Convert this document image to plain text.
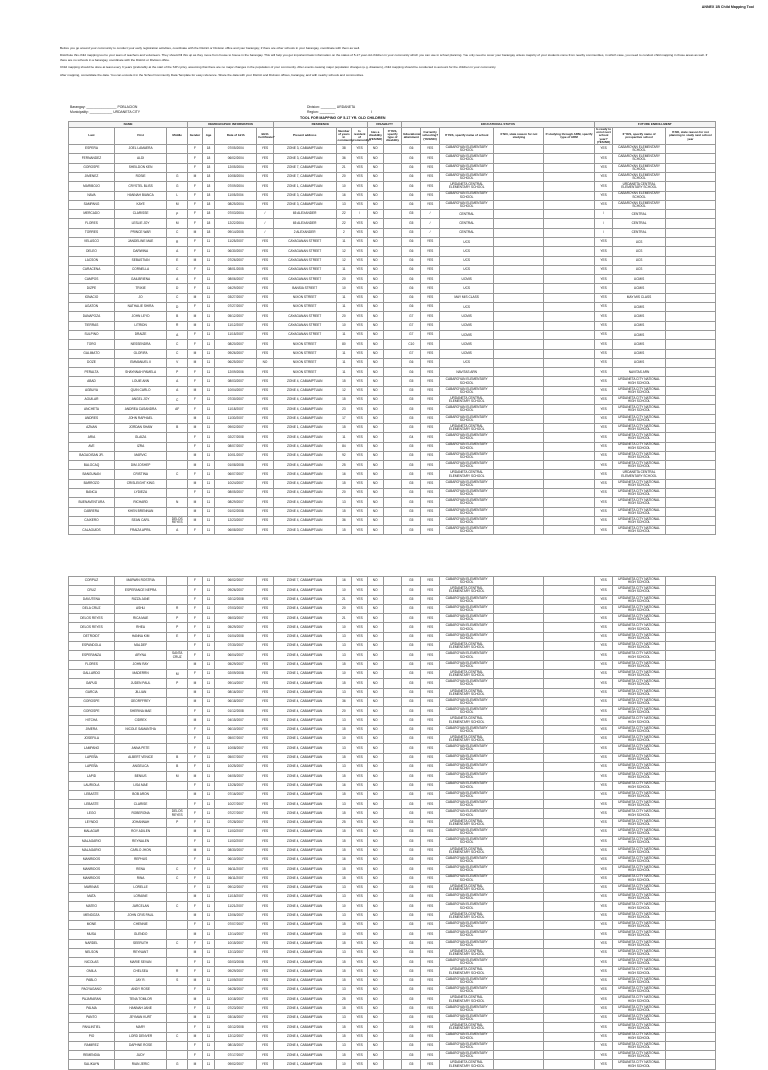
ANNEX 1B Child Mapping Tool

Before you go around your community to conduct your early registration activities, coordinate with the District or Division office and your barangay; if there are other schools in your barangay, coordinate with them as well.

Distribute this child mapping tool to your team of teachers and volunteers. They should fill this up as they move from house to house in the barangay. This will help you get important basic information on the status of 5-17 year old children in your community which you can use in school planning. You only need to cover your barangay unless majority of your students come from nearby communities, in which case, you need to conduct child mapping in those areas as well. If there are no schools in a barangay, coordinate with the District or Division office.

Child mapping should be done at least every 3 years (preferably at the start of the SIP cycle), assuming that there are no major changes in the population of your community. After events causing major population changes (e.g. disasters), child mapping should be conducted to account for the children in your community.

After mapping, consolidate the data. You can encode it in the School Community Data Template for easy reference. Share the data with your District and Division offices, barangay, and with nearby schools and communities.

Barangay: ________________ POBLACION
Municipality: ____________ URDANETA CITY
Division: ________ URDANETA
Region: ________	I
TOOL FOR MAPPING OF 5-17 YR. OLD CHILDREN
NAME			DEMOGRAPHIC INFORMATION				RESIDENCE			DISABILITY		EDUCATIONAL STATUS					FUTURE ENROLLMENT		
Last	First	Middle	Gender	Age	Date of birth	Birth Certificate?	Present address	Number of years in community	Is resident of community?	Has a disability (YES/NO)	If YES, specify type of disability	Educational attainment	Currently schooling? (YES/NO)	If YES, specify name of school	If NO, state reason for not studying	If studying through ADM, specify type of ADM	Is ready to enrol next school year? (YES/NO)	If YES, specify name of prospective school	If NO, state reason for not planning to study next school year
ESPERA	JOEL LAMAERA		F	18	07/05/2004	YES	ZONE 3, CABAMPTUAN	38	YES	NO		G6	YES	CABAROYAN ELEMENTARY SCHOOL			YES	CABAROYAN ELEMENTARY SCHOOL	
FERNANDEZ	ALDI		F	18	06/02/2004	YES	ZONE 3, CABAMPTUAN	36	YES	NO		G6	YES	CABAROYAN ELEMENTARY SCHOOL			YES	CABAROYAN ELEMENTARY SCHOOL	
GOROSPE	SHEILDON KEN		F	18	12/05/2004	YES	ZONE 7, CABAMPTUAN	21	YES	NO		G6	YES	CABAROYAN ELEMENTARY SCHOOL			YES	CABAROYAN ELEMENTARY SCHOOL	
JIMENEZ	ROSIE	G	M	18	10/08/2004	YES	ZONE 7, CABAMPTUAN	20	YES	NO		G6	YES	CABAROYAN ELEMENTARY SCHOOL			YES	CABAROYAN ELEMENTARY SCHOOL	
MARIBOJO	CRYSTEL BLISS	G	F	18	07/09/2004	YES	ZONE 1, CABAMPTUAN	10	YES	NO		G6	YES	URDANETA CENTRAL ELEMENTARY SCHOOL			YES	URDANETA CENTRAL ELEMENTARY SCHOOL	
NAVA	HANNAH BIANCA	L	F	18	11/05/2004	YES	ZONE 3, CABAMPTUAN	16	YES	NO		G6	YES	CABAROYAN ELEMENTARY SCHOOL			YES	CABAROYAN ELEMENTARY SCHOOL	
SAMPANG	KAYE	M	F	18	08/25/2004	YES	ZONE 3, CABAMPTUAN	13	YES	NO		G6	YES	CABAROYAN ELEMENTARY SCHOOL			YES	CABAROYAN ELEMENTARY SCHOOL	
MERCADO	CLARISSE	P	F	18	07/03/2004	/	65 ALEXANDER	22	/	NO		G5	/	CENTRAL			/	CENTRAL	
FLORES	LESLIE JOY	M	F	18	12/22/2004	/	65 ALEXANDER	22	YES	NO		G5	/	CENTRAL			/	CENTRAL	
TORRES	PRINCE WAR	C	M	18	09/14/2005	/	2 ALEXANDER	2	YES	NO		G5	/	CENTRAL			/	CENTRAL	
VELASCO	JANDELINE MAE	R	F	11	11/25/2007	YES	CAYAGANAN STREET	11	YES	NO		G6	YES	UCS			YES	UCS	
DELEO	DARWINA	A	F	11	06/30/2007	YES	CAYAGANAN STREET	12	YES	NO		G6	YES	UCS			YES	UCS	
LACSON	SEBASTIAN	E	M	11	07/26/2007	YES	CAYAGANAN STREET	12	YES	NO		G6	YES	UCS			YES	UCS	
CARACENA	CORNELLA	C	F	11	08/01/2005	YES	CAYAGANAN STREET	11	YES	NO		G6	YES	UCS			YES	UCS	
CAMPOS	GAILBRIENA	A	F	11	08/06/2007	YES	CAYAGANAN STREET	20	YES	NO		G6	YES	UCMIS			YES	UCMIS	
DIZPE	TRIXIE	D	F	11	04/29/2007	YES	BANSIA STREET	10	YES	NO		G6	YES	UCS			YES	UCMIS	
IGNACIO	JO	C	M	11	03/27/2007	YES	NIXON STREET	11	YES	NO		G6	YES	MAY MIS CLASS			YES	MAY MIS CLASS	
AGATON	NATHALIE SHIRA	D	F	11	07/27/2007	YES	NIXON STREET	11	YES	NO		G6	YES	UCS			YES	UCMIS	
DANAPOZA	JOHN LEYD	B	M	11	05/12/2007	YES	CAYAGANAN STREET	20	YES	NO		G7	YES	UCMIS			YES	UCMIS	
TIERRAS	LITRIDN	R	M	11	11/12/2007	YES	CAYAGANAN STREET	10	YES	NO		G7	YES	UCMIS			YES	UCMIS	
SULPINO	DRAIZE	A	F	11	11/15/2007	YES	CAYAGANAN STREET	11	YES	NO		G7	YES	UCMIS			YES	UCMIS	
TORO	NESSENDRA	C	F	11	08/20/2007	YES	NIXON STREET	80	YES	NO		C10	YES	UCMIS			YES	UCMIS	
GALIMATO	GLORIFA	C	M	11	09/26/2007	YES	NIXON STREET	11	YES	NO		G7	YES	UCMIS			YES	UCMIS	
DOZE	EMMANUEL II	V	M	11	06/25/2007	NO	NIXON STREET	11	YES	NO		G6	YES	UCS			YES	UCMIS	
PERALTA	SHAYNNAH PAMELA	P	F	11	12/09/2006	YES	NIXON STREET	11	YES	NO		G6	YES	NAVITAS ARN			YES	NAVITAS ARN	
ABAD	LOUIE ANN	A	F	11	08/03/2007	YES	ZONE 4, CABAMPTUAN	15	YES	NO		G5	YES	CABAROYAN ELEMENTARY SCHOOL			YES	URDANETA CITY NATIONAL HIGH SCHOOL	
AGBUYA	QUIN CARLO	A	M	11	10/04/2007	YES	ZONE 4, CABAMPTUAN	12	YES	NO		G5	YES	CABAROYAN ELEMENTARY SCHOOL			YES	URDANETA CITY NATIONAL HIGH SCHOOL	
AGUILAR	ANGEL JOY	C	F	11	07/30/2007	YES	ZONE 4, CABAMPTUAN	15	YES	NO		G5	YES	URDANETA CENTRAL ELEMENTARY SCHOOL			YES	URDANETA CITY NATIONAL HIGH SCHOOL	
ANCHETA	ANDREA CASANDRA	AF	F	11	11/18/2007	YES	ZONE 4, CABAMPTUAN	23	YES	NO		G5	YES	CABAROYAN ELEMENTARY SCHOOL			YES	URDANETA CITY NATIONAL HIGH SCHOOL	
ANDRES	JOHN RAPHAEL		M	11	11/30/2007	YES	ZONE 4, CABAMPTUAN	17	YES	NO		G5	YES	CABAROYAN ELEMENTARY SCHOOL			YES	URDANETA CITY NATIONAL HIGH SCHOOL	
AZNAN	JORDAN SHAW	B	M	11	09/02/2007	YES	ZONE 1, CABAMPTUAN	15	YES	NO		G5	YES	URDANETA CENTRAL ELEMENTARY SCHOOL			YES	URDANETA CITY NATIONAL HIGH SCHOOL	
ARIA	GLAIZA		F	11	02/27/2008	YES	ZONE 4, CABAMPTUAN	11	YES	NO		G4	YES	CABAROYAN ELEMENTARY SCHOOL			YES	URDANETA CITY NATIONAL HIGH SCHOOL	
AVE	IZRA		F	11	08/07/2007	YES	ZONE 4, CABAMPTUAN	84	YES	NO		G5	YES	CABAROYAN ELEMENTARY SCHOOL			YES	URDANETA CITY NATIONAL HIGH SCHOOL	
BAGAOISAN JR.	MARVIC		M	11	10/01/2007	YES	ZONE 4, CABAMPTUAN	92	YES	NO		G5	YES	CABAROYAN ELEMENTARY SCHOOL			YES	URDANETA CITY NATIONAL HIGH SCHOOL	
BALOCAQ	DIM JOSHEP		M	11	01/08/2008	YES	ZONE 4, CABAMPTUAN	25	YES	NO		G5	YES	CABAROYAN ELEMENTARY SCHOOL			YES	URDANETA CITY NATIONAL HIGH SCHOOL	
BANGUNAN	CRISTINA	C	F	11	06/07/2007	YES	ZONE 4, CABAMPTUAN	16	YES	NO		G5	YES	URDANETA CENTRAL ELEMENTARY SCHOOL			YES	URDANETA CENTRAL ELEMENTARY SCHOOL	
BARROZO	CRISLEIGHT KING		M	11	10/24/2007	YES	ZONE 4, CABAMPTUAN	15	YES	NO		G5	YES	CABAROYAN ELEMENTARY SCHOOL			YES	URDANETA CITY NATIONAL HIGH SCHOOL	
BANCA	LYDIEZA		F	11	08/05/2007	YES	ZONE 4, CABAMPTUAN	20	YES	NO		G5	YES	CABAROYAN ELEMENTARY SCHOOL			YES	URDANETA CITY NATIONAL HIGH SCHOOL	
BUENAVENTURA	RICHARD	N	M	11	08/29/2007	YES	ZONE 4, CABAMPTUAN	13	YES	NO		G5	YES	CABAROYAN ELEMENTARY SCHOOL			YES	URDANETA CITY NATIONAL HIGH SCHOOL	
CABRERA	KHEN BRENNAN		M	11	01/02/2008	YES	ZONE 4, CABAMPTUAN	15	YES	NO		G5	YES	CABAROYAN ELEMENTARY SCHOOL			YES	URDANETA CITY NATIONAL HIGH SCHOOL	
CAIXERO	SEAN CARL	DELOS REYES	M	11	12/23/2007	YES	ZONE 4, CABAMPTUAN	36	YES	NO		G5	YES	CABAROYAN ELEMENTARY SCHOOL			YES	URDANETA CITY NATIONAL HIGH SCHOOL	
CALAGUIDS	FRAIZA APRIL	A	F	11	06/08/2007	YES	ZONE 3, CABAMPTUAN	15	YES	NO		G5	YES	CABAROYAN ELEMENTARY SCHOOL			YES	URDANETA CITY NATIONAL HIGH SCHOOL	
CORPUZ	MARWIN ROSTRIA		F	11	06/02/2007	YES	ZONE 7, CABAMPTUAN	16	YES	NO		G5	YES	CABAROYAN ELEMENTARY SCHOOL			YES	URDANETA CITY NATIONAL HIGH SCHOOL	
CRUZ	ESPERANCE NEPRA		F	11	09/26/2007	YES	ZONE 4, CABAMPTUAN	10	YES	NO		G5	YES	URDANETA CENTRAL ELEMENTARY SCHOOL			YES	URDANETA CITY NATIONAL HIGH SCHOOL	
DAVUTENA	RIZZA JANE		F	11	02/12/2008	YES	ZONE 4, CABAMPTUAN	21	YES	NO		G5	YES	CABAROYAN ELEMENTARY SCHOOL			YES	URDANETA CITY NATIONAL HIGH SCHOOL	
DELA CRUZ	ASHLI	R	F	11	07/03/2007	YES	ZONE 4, CABAMPTUAN	20	YES	NO		G5	YES	CABAROYAN ELEMENTARY SCHOOL			YES	URDANETA CITY NATIONAL HIGH SCHOOL	
DELOS REYES	RICA MAE	P	F	11	05/03/2007	YES	ZONE 4, CABAMPTUAN	21	YES	NO		G5	YES	CABAROYAN ELEMENTARY SCHOOL			YES	URDANETA CITY NATIONAL HIGH SCHOOL	
DELOS REYES	RHEA	P	F	11	05/29/2007	YES	ZONE 4, CABAMPTUAN	10	YES	NO		G5	YES	CABAROYAN ELEMENTARY SCHOOL			YES	URDANETA CITY NATIONAL HIGH SCHOOL	
DETROIDT	HANNA KIM	E	F	11	01/04/2008	YES	ZONE 4, CABAMPTUAN	13	YES	NO		G5	YES	CABAROYAN ELEMENTARY SCHOOL			YES	URDANETA CITY NATIONAL HIGH SCHOOL	
ESPANDOLA	MALDEF		F	11	07/30/2007	YES	ZONE 4, CABAMPTUAN	13	YES	NO		G5	YES	URDANETA CENTRAL ELEMENTARY SCHOOL			YES	URDANETA CITY NATIONAL HIGH SCHOOL	
ESPERANZA	ARYNA	SANTA CRUZ	F	11	06/04/2007	YES	ZONE 4, CABAMPTUAN	13	YES	NO		G5	YES	CABAROYAN ELEMENTARY SCHOOL			YES	URDANETA CITY NATIONAL HIGH SCHOOL	
FLORES	JOHN RAY		M	11	05/29/2007	YES	ZONE 4, CABAMPTUAN	15	YES	NO		G5	YES	CABAROYAN ELEMENTARY SCHOOL			YES	URDANETA CITY NATIONAL HIGH SCHOOL	
GALLARDO	MADERRN	M	F	11	02/09/2008	YES	ZONE 1, CABAMPTUAN	10	YES	NO		G5	YES	URDANETA CENTRAL ELEMENTARY SCHOOL			YES	URDANETA CITY NATIONAL HIGH SCHOOL	
GAPUD	JUDEN PAUL	P	M	11	09/14/2007	YES	ZONE 4, CABAMPTUAN	15	YES	NO		G5	YES	CABAROYAN ELEMENTARY SCHOOL			YES	URDANETA CITY NATIONAL HIGH SCHOOL	
GARCIA	JILLIAN		M	11	08/16/2007	YES	ZONE 4, CABAMPTUAN	13	YES	NO		G5	YES	URDANETA CENTRAL ELEMENTARY SCHOOL			YES	URDANETA CITY NATIONAL HIGH SCHOOL	
GOROSPE	GEORFFREY		M	11	06/18/2007	YES	ZONE 4, CABAMPTUAN	36	YES	NO		G5	YES	CABAROYAN ELEMENTARY SCHOOL			YES	URDANETA CITY NATIONAL HIGH SCHOOL	
GOROSPE	SHERINA MAE		F	11	01/12/2008	YES	ZONE 4, CABAMPTUAN	20	YES	NO		G5	YES	CABAROYAN ELEMENTARY SCHOOL			YES	URDANETA CITY NATIONAL HIGH SCHOOL	
HITCHA	CIDREX		M	11	04/15/2007	YES	ZONE 4, CABAMPTUAN	13	YES	NO		G5	YES	URDANETA CENTRAL ELEMENTARY SCHOOL			YES	URDANETA CITY NATIONAL HIGH SCHOOL	
JIMERA	NICOLE SAMANTHA		F	11	06/10/2007	YES	ZONE 4, CABAMPTUAN	15	YES	NO		G5	YES	CABAROYAN ELEMENTARY SCHOOL			YES	URDANETA CITY NATIONAL HIGH SCHOOL	
JOSEFILA			F	11	05/07/2007	YES	ZONE 1, CABAMPTUAN	10	YES	NO		G5	YES	URDANETA CENTRAL ELEMENTARY SCHOOL			YES	URDANETA CITY NATIONAL HIGH SCHOOL	
LAMPANO	ANNA PETE		F	11	10/08/2007	YES	ZONE 4, CABAMPTUAN	13	YES	NO		G5	YES	CABAROYAN ELEMENTARY SCHOOL			YES	URDANETA CITY NATIONAL HIGH SCHOOL	
LAPEÑA	ALBERT VENICE	B	F	11	05/07/2007	YES	ZONE 4, CABAMPTUAN	15	YES	NO		G5	YES	CABAROYAN ELEMENTARY SCHOOL			YES	URDANETA CITY NATIONAL HIGH SCHOOL	
LAPEÑA	ANGELICA	B	F	11	10/25/2007	YES	ZONE 4, CABAMPTUAN	13	YES	NO		G5	YES	CABAROYAN ELEMENTARY SCHOOL			YES	URDANETA CITY NATIONAL HIGH SCHOOL	
LAPID	BENIUS	M	M	11	04/05/2007	YES	ZONE 4, CABAMPTUAN	15	YES	NO		G5	YES	CABAROYAN ELEMENTARY SCHOOL			YES	URDANETA CITY NATIONAL HIGH SCHOOL	
LAURIOLA	LISA MAE		F	11	12/28/2007	YES	ZONE 4, CABAMPTUAN	16	YES	NO		G5	YES	CABAROYAN ELEMENTARY SCHOOL			YES	URDANETA CITY NATIONAL HIGH SCHOOL	
LEBASTE	BOB ARON		M	11	07/16/2007	YES	ZONE 4, CABAMPTUAN	15	YES	NO		G5	YES	CABAROYAN ELEMENTARY SCHOOL			YES	URDANETA CITY NATIONAL HIGH SCHOOL	
LEBASTE	CLARISE		F	11	10/27/2007	YES	ZONE 4, CABAMPTUAN	13	YES	NO		G5	YES	CABAROYAN ELEMENTARY SCHOOL			YES	URDANETA CITY NATIONAL HIGH SCHOOL	
LEGO	ROBERONA	DELOS REYES	F	11	07/27/2007	YES	ZONE 4, CABAMPTUAN	15	YES	NO		G5	YES	CABAROYAN ELEMENTARY SCHOOL			YES	URDANETA CITY NATIONAL HIGH SCHOOL	
LEYNDO	JOHANNAH	P	F	11	07/28/2007	YES	ZONE 4, CABAMPTUAN	25	YES	NO		G5	YES	URDANETA CENTRAL ELEMENTARY SCHOOL			YES	URDANETA CITY NATIONAL HIGH SCHOOL	
MALAGAR	ROY ADILEN		M	11	11/02/2007	YES	ZONE 4, CABAMPTUAN	15	YES	NO		G5	YES	CABAROYAN ELEMENTARY SCHOOL			YES	URDANETA CITY NATIONAL HIGH SCHOOL	
MALAGARIO	REYNALEN		F	11	11/02/2007	YES	ZONE 4, CABAMPTUAN	15	YES	NO		G5	YES	CABAROYAN ELEMENTARY SCHOOL			YES	URDANETA CITY NATIONAL HIGH SCHOOL	
MALAGARIO	CARLO JHON		M	11	08/30/2007	YES	ZONE 4, CABAMPTUAN	15	YES	NO		G5	YES	URDANETA CENTRAL ELEMENTARY SCHOOL			YES	URDANETA CITY NATIONAL HIGH SCHOOL	
MANRIDOS	REPHUS		F	11	06/10/2007	YES	ZONE 4, CABAMPTUAN	16	YES	NO		G5	YES	CABAROYAN ELEMENTARY SCHOOL			YES	URDANETA CITY NATIONAL HIGH SCHOOL	
MANRIDOS	RENA	C	F	11	06/11/2007	YES	ZONE 4, CABAMPTUAN	15	YES	NO		G5	YES	CABAROYAN ELEMENTARY SCHOOL			YES	URDANETA CITY NATIONAL HIGH SCHOOL	
MANRIDOS	RINA	C	F	11	06/11/2007	YES	ZONE 4, CABAMPTUAN	15	YES	NO		G5	YES	CABAROYAN ELEMENTARY SCHOOL			YES	URDANETA CITY NATIONAL HIGH SCHOOL	
MARINAS	LORELLE		F	11	09/12/2007	YES	ZONE 4, CABAMPTUAN	13	YES	NO		G5	YES	URDANETA CENTRAL ELEMENTARY SCHOOL			YES	URDANETA CITY NATIONAL HIGH SCHOOL	
MATA	LORAINE		M	11	11/15/2007	YES	ZONE 4, CABAMPTUAN	13	YES	NO		G5	YES	CABAROYAN ELEMENTARY SCHOOL			YES	URDANETA CITY NATIONAL HIGH SCHOOL	
MATEO	JARCELAN	C	F	11	11/21/2007	YES	ZONE 4, CABAMPTUAN	10	YES	NO		G5	YES	CABAROYAN ELEMENTARY SCHOOL			YES	URDANETA CITY NATIONAL HIGH SCHOOL	
MENDOZA	JOHN CRIS PAUL		M	11	12/06/2007	YES	ZONE 4, CABAMPTUAN	13	YES	NO		G5	YES	URDANETA CENTRAL ELEMENTARY SCHOOL			YES	URDANETA CITY NATIONAL HIGH SCHOOL	
MONE	CHENNIE		F	11	07/07/2007	YES	ZONE 4, CABAMPTUAN	15	YES	NO		G5	YES	CABAROYAN ELEMENTARY SCHOOL			YES	URDANETA CITY NATIONAL HIGH SCHOOL	
MUSA	GLENDO		M	11	12/14/2007	YES	ZONE 4, CABAMPTUAN	10	YES	NO		G5	YES	CABAROYAN ELEMENTARY SCHOOL			YES	URDANETA CITY NATIONAL HIGH SCHOOL	
NARDEL	SEERUTH	C	F	11	10/15/2007	YES	ZONE 4, CABAMPTUAN	15	YES	NO		G5	YES	CABAROYAN ELEMENTARY SCHOOL			YES	URDANETA CITY NATIONAL HIGH SCHOOL	
NELSON	REYNANT		M	11	12/13/2007	YES	ZONE 4, CABAMPTUAN	13	YES	NO		G5	YES	URDANETA CENTRAL ELEMENTARY SCHOOL			YES	URDANETA CITY NATIONAL HIGH SCHOOL	
NICOLAS	MARIE SEVAN		F	11	02/03/2008	YES	ZONE 4, CABAMPTUAN	15	YES	NO		G5	YES	CABAROYAN ELEMENTARY SCHOOL			YES	URDANETA CITY NATIONAL HIGH SCHOOL	
OMILA	CHELSEA	R	F	11	09/29/2007	YES	ZONE 4, CABAMPTUAN	15	YES	NO		G5	YES	URDANETA CENTRAL ELEMENTARY SCHOOL			YES	URDANETA CITY NATIONAL HIGH SCHOOL	
PABLO	JAY R.	S	M	11	11/09/2007	YES	ZONE 4, CABAMPTUAN	15	YES	NO		G5	YES	CABAROYAN ELEMENTARY SCHOOL			YES	URDANETA CITY NATIONAL HIGH SCHOOL	
PAGYAGANO	ANDY ROSE		F	11	04/28/2007	YES	ZONE 4, CABAMPTUAN	13	YES	NO		G5	YES	CABAROYAN ELEMENTARY SCHOOL			YES	URDANETA CITY NATIONAL HIGH SCHOOL	
PAJARARAN	TENA TOMLOR		M	11	10/18/2007	YES	ZONE 4, CABAMPTUAN	25	YES	NO		G5	YES	URDANETA CENTRAL ELEMENTARY SCHOOL			YES	URDANETA CITY NATIONAL HIGH SCHOOL	
PALMA	HANNAH JANE		F	11	07/23/2007	YES	ZONE 4, CABAMPTUAN	15	YES	NO		G5	YES	CABAROYAN ELEMENTARY SCHOOL			YES	URDANETA CITY NATIONAL HIGH SCHOOL	
PANTO	JEYMAN KURT		M	11	03/16/2007	YES	ZONE 4, CABAMPTUAN	13	YES	NO		G5	YES	CABAROYAN ELEMENTARY SCHOOL			YES	URDANETA CITY NATIONAL HIGH SCHOOL	
PANLINTIEL	MARY		F	11	02/12/2008	YES	ZONE 4, CABAMPTUAN	15	YES	NO		G5	YES	URDANETA CENTRAL ELEMENTARY SCHOOL			YES	URDANETA CITY NATIONAL HIGH SCHOOL	
PIO	LORD DENVER	C	M	11	12/12/2007	YES	ZONE 4, CABAMPTUAN	15	YES	NO		G5	YES	CABAROYAN ELEMENTARY SCHOOL			YES	URDANETA CITY NATIONAL HIGH SCHOOL	
RAMIREZ	DAPHNE ROSE		F	11	08/15/2007	YES	ZONE 4, CABAMPTUAN	13	YES	NO		G5	YES	CABAROYAN ELEMENTARY SCHOOL			YES	URDANETA CITY NATIONAL HIGH SCHOOL	
REMENDIA	JUDY		F	11	07/17/2007	YES	ZONE 4, CABAMPTUAN	15	YES	NO		G5	YES	CABAROYAN ELEMENTARY SCHOOL			YES	URDANETA CITY NATIONAL HIGH SCHOOL	
SALIKAYN	RIAN JERIC	G	M	11	09/02/2007	YES	ZONE 1, CABAMPTUAN	10	YES	NO		G5	YES	URDANETA CENTRAL ELEMENTARY SCHOOL			YES	URDANETA CITY NATIONAL HIGH SCHOOL	
